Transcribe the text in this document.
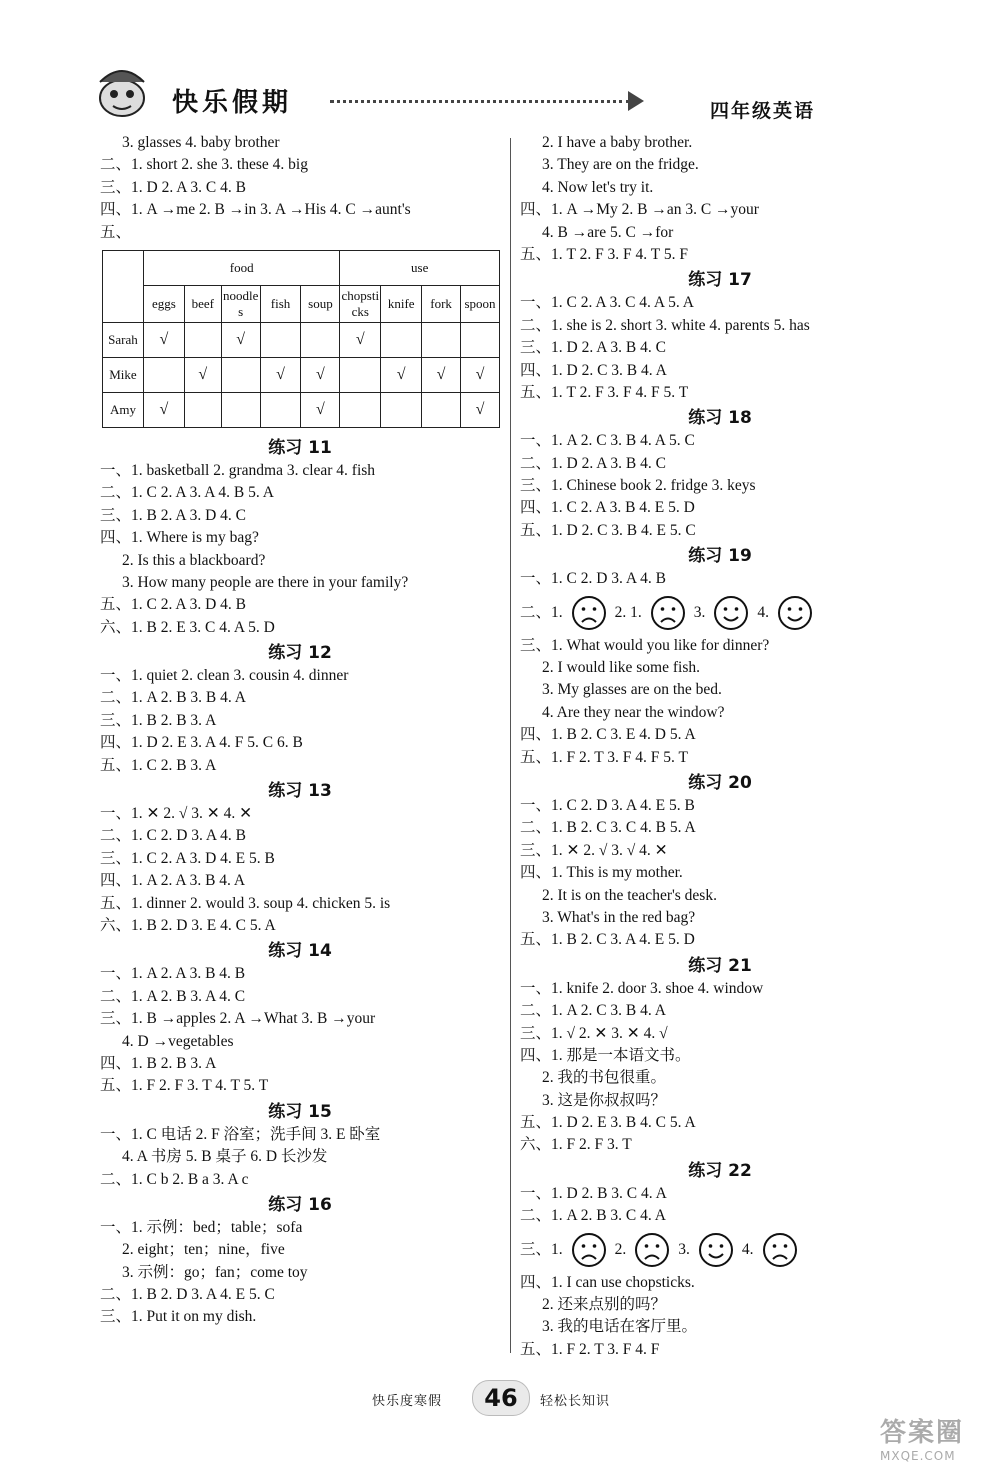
快乐假期	四年级英语
3. glasses 4. baby brother
二、1. short 2. she 3. these 4. big
三、1. D 2. A 3. C 4. B
四、1. A →me 2. B →in 3. A →His 4. C →aunt's
五、
	food					use			
	eggs	beef	noodles	fish	soup	chopsticks	knife	fork	spoon
Sarah	√		√			√			
Mike		√		√	√		√	√	√
Amy	√				√				√
练习 11
一、1. basketball 2. grandma 3. clear 4. fish
二、1. C 2. A 3. A 4. B 5. A
三、1. B 2. A 3. D 4. C
四、1. Where is my bag?
2. Is this a blackboard?
3. How many people are there in your family?
五、1. C 2. A 3. D 4. B
六、1. B 2. E 3. C 4. A 5. D
练习 12
一、1. quiet 2. clean 3. cousin 4. dinner
二、1. A 2. B 3. B 4. A
三、1. B 2. B 3. A
四、1. D 2. E 3. A 4. F 5. C 6. B
五、1. C 2. B 3. A
练习 13
一、1. ✕ 2. √ 3. ✕ 4. ✕
二、1. C 2. D 3. A 4. B
三、1. C 2. A 3. D 4. E 5. B
四、1. A 2. A 3. B 4. A
五、1. dinner 2. would 3. soup 4. chicken 5. is
六、1. B 2. D 3. E 4. C 5. A
练习 14
一、1. A 2. A 3. B 4. B
二、1. A 2. B 3. A 4. C
三、1. B →apples 2. A →What 3. B →your
4. D →vegetables
四、1. B 2. B 3. A
五、1. F 2. F 3. T 4. T 5. T
练习 15
一、1. C 电话 2. F 浴室；洗手间 3. E 卧室
4. A 书房 5. B 桌子 6. D 长沙发
二、1. C b 2. B a 3. A c
练习 16
一、1. 示例：bed；table；sofa
2. eight；ten；nine，five
3. 示例：go；fan；come toy
二、1. B 2. D 3. A 4. E 5. C
三、1. Put it on my dish.
2. I have a baby brother.
3. They are on the fridge.
4. Now let's try it.
四、1. A →My 2. B →an 3. C →your
4. B →are 5. C →for
五、1. T 2. F 3. F 4. T 5. F
练习 17
一、1. C 2. A 3. C 4. A 5. A
二、1. she is 2. short 3. white 4. parents 5. has
三、1. D 2. A 3. B 4. C
四、1. D 2. C 3. B 4. A
五、1. T 2. F 3. F 4. F 5. T
练习 18
一、1. A 2. C 3. B 4. A 5. C
二、1. D 2. A 3. B 4. C
三、1. Chinese book 2. fridge 3. keys
四、1. C 2. A 3. B 4. E 5. D
五、1. D 2. C 3. B 4. E 5. C
练习 19
一、1. C 2. D 3. A 4. B
二、1.	2. 1.	3.	4.
三、1. What would you like for dinner?
2. I would like some fish.
3. My glasses are on the bed.
4. Are they near the window?
四、1. B 2. C 3. E 4. D 5. A
五、1. F 2. T 3. F 4. F 5. T
练习 20
一、1. C 2. D 3. A 4. E 5. B
二、1. B 2. C 3. C 4. B 5. A
三、1. ✕ 2. √ 3. √ 4. ✕
四、1. This is my mother.
2. It is on the teacher's desk.
3. What's in the red bag?
五、1. B 2. C 3. A 4. E 5. D
练习 21
一、1. knife 2. door 3. shoe 4. window
二、1. A 2. C 3. B 4. A
三、1. √ 2. ✕ 3. ✕ 4. √
四、1. 那是一本语文书。
2. 我的书包很重。
3. 这是你叔叔吗？
五、1. D 2. E 3. B 4. C 5. A
六、1. F 2. F 3. T
练习 22
一、1. D 2. B 3. C 4. A
二、1. A 2. B 3. C 4. A
三、1.	2.	3.	4.
四、1. I can use chopsticks.
2. 还来点别的吗？
3. 我的电话在客厅里。
五、1. F 2. T 3. F 4. F
快乐度寒假	46	轻松长知识
答案圈
MXQE.COM
